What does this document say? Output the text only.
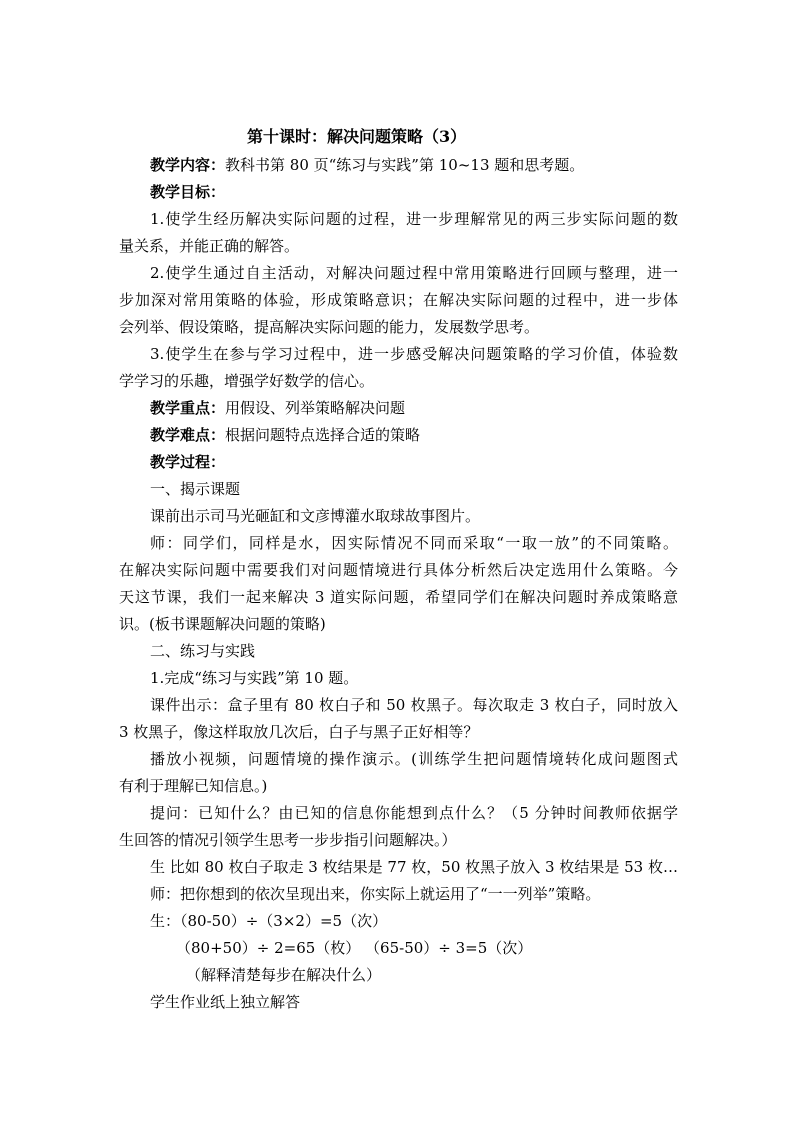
第十课时：解决问题策略（3）
教学内容：教科书第 80 页“练习与实践”第 10~13 题和思考题。
教学目标：
1.使学生经历解决实际问题的过程，进一步理解常见的两三步实际问题的数
量关系，并能正确的解答。
2.使学生通过自主活动，对解决问题过程中常用策略进行回顾与整理，进一
步加深对常用策略的体验，形成策略意识；在解决实际问题的过程中，进一步体
会列举、假设策略，提高解决实际问题的能力，发展数学思考。
3.使学生在参与学习过程中，进一步感受解决问题策略的学习价值，体验数
学学习的乐趣，增强学好数学的信心。
教学重点：用假设、列举策略解决问题
教学难点：根据问题特点选择合适的策略
教学过程：
一、揭示课题
课前出示司马光砸缸和文彦博灌水取球故事图片。
师：同学们，同样是水，因实际情况不同而采取“一取一放”的不同策略。
在解决实际问题中需要我们对问题情境进行具体分析然后决定选用什么策略。今
天这节课，我们一起来解决 3 道实际问题，希望同学们在解决问题时养成策略意
识。(板书课题解决问题的策略)
二、练习与实践
1.完成“练习与实践”第 10 题。
课件出示：盒子里有 80 枚白子和 50 枚黑子。每次取走 3 枚白子，同时放入
3 枚黑子，像这样取放几次后，白子与黑子正好相等？
播放小视频，问题情境的操作演示。(训练学生把问题情境转化成问题图式
有利于理解已知信息。)
提问：已知什么？由已知的信息你能想到点什么？（5 分钟时间教师依据学
生回答的情况引领学生思考一步步指引问题解决。）
生 比如 80 枚白子取走 3 枚结果是 77 枚，50 枚黑子放入 3 枚结果是 53 枚…
师：把你想到的依次呈现出来，你实际上就运用了“一一列举”策略。
生：（80-50）÷（3×2）=5（次）
（80+50）÷ 2=65（枚） （65-50）÷ 3=5（次）
（解释清楚每步在解决什么）
学生作业纸上独立解答
